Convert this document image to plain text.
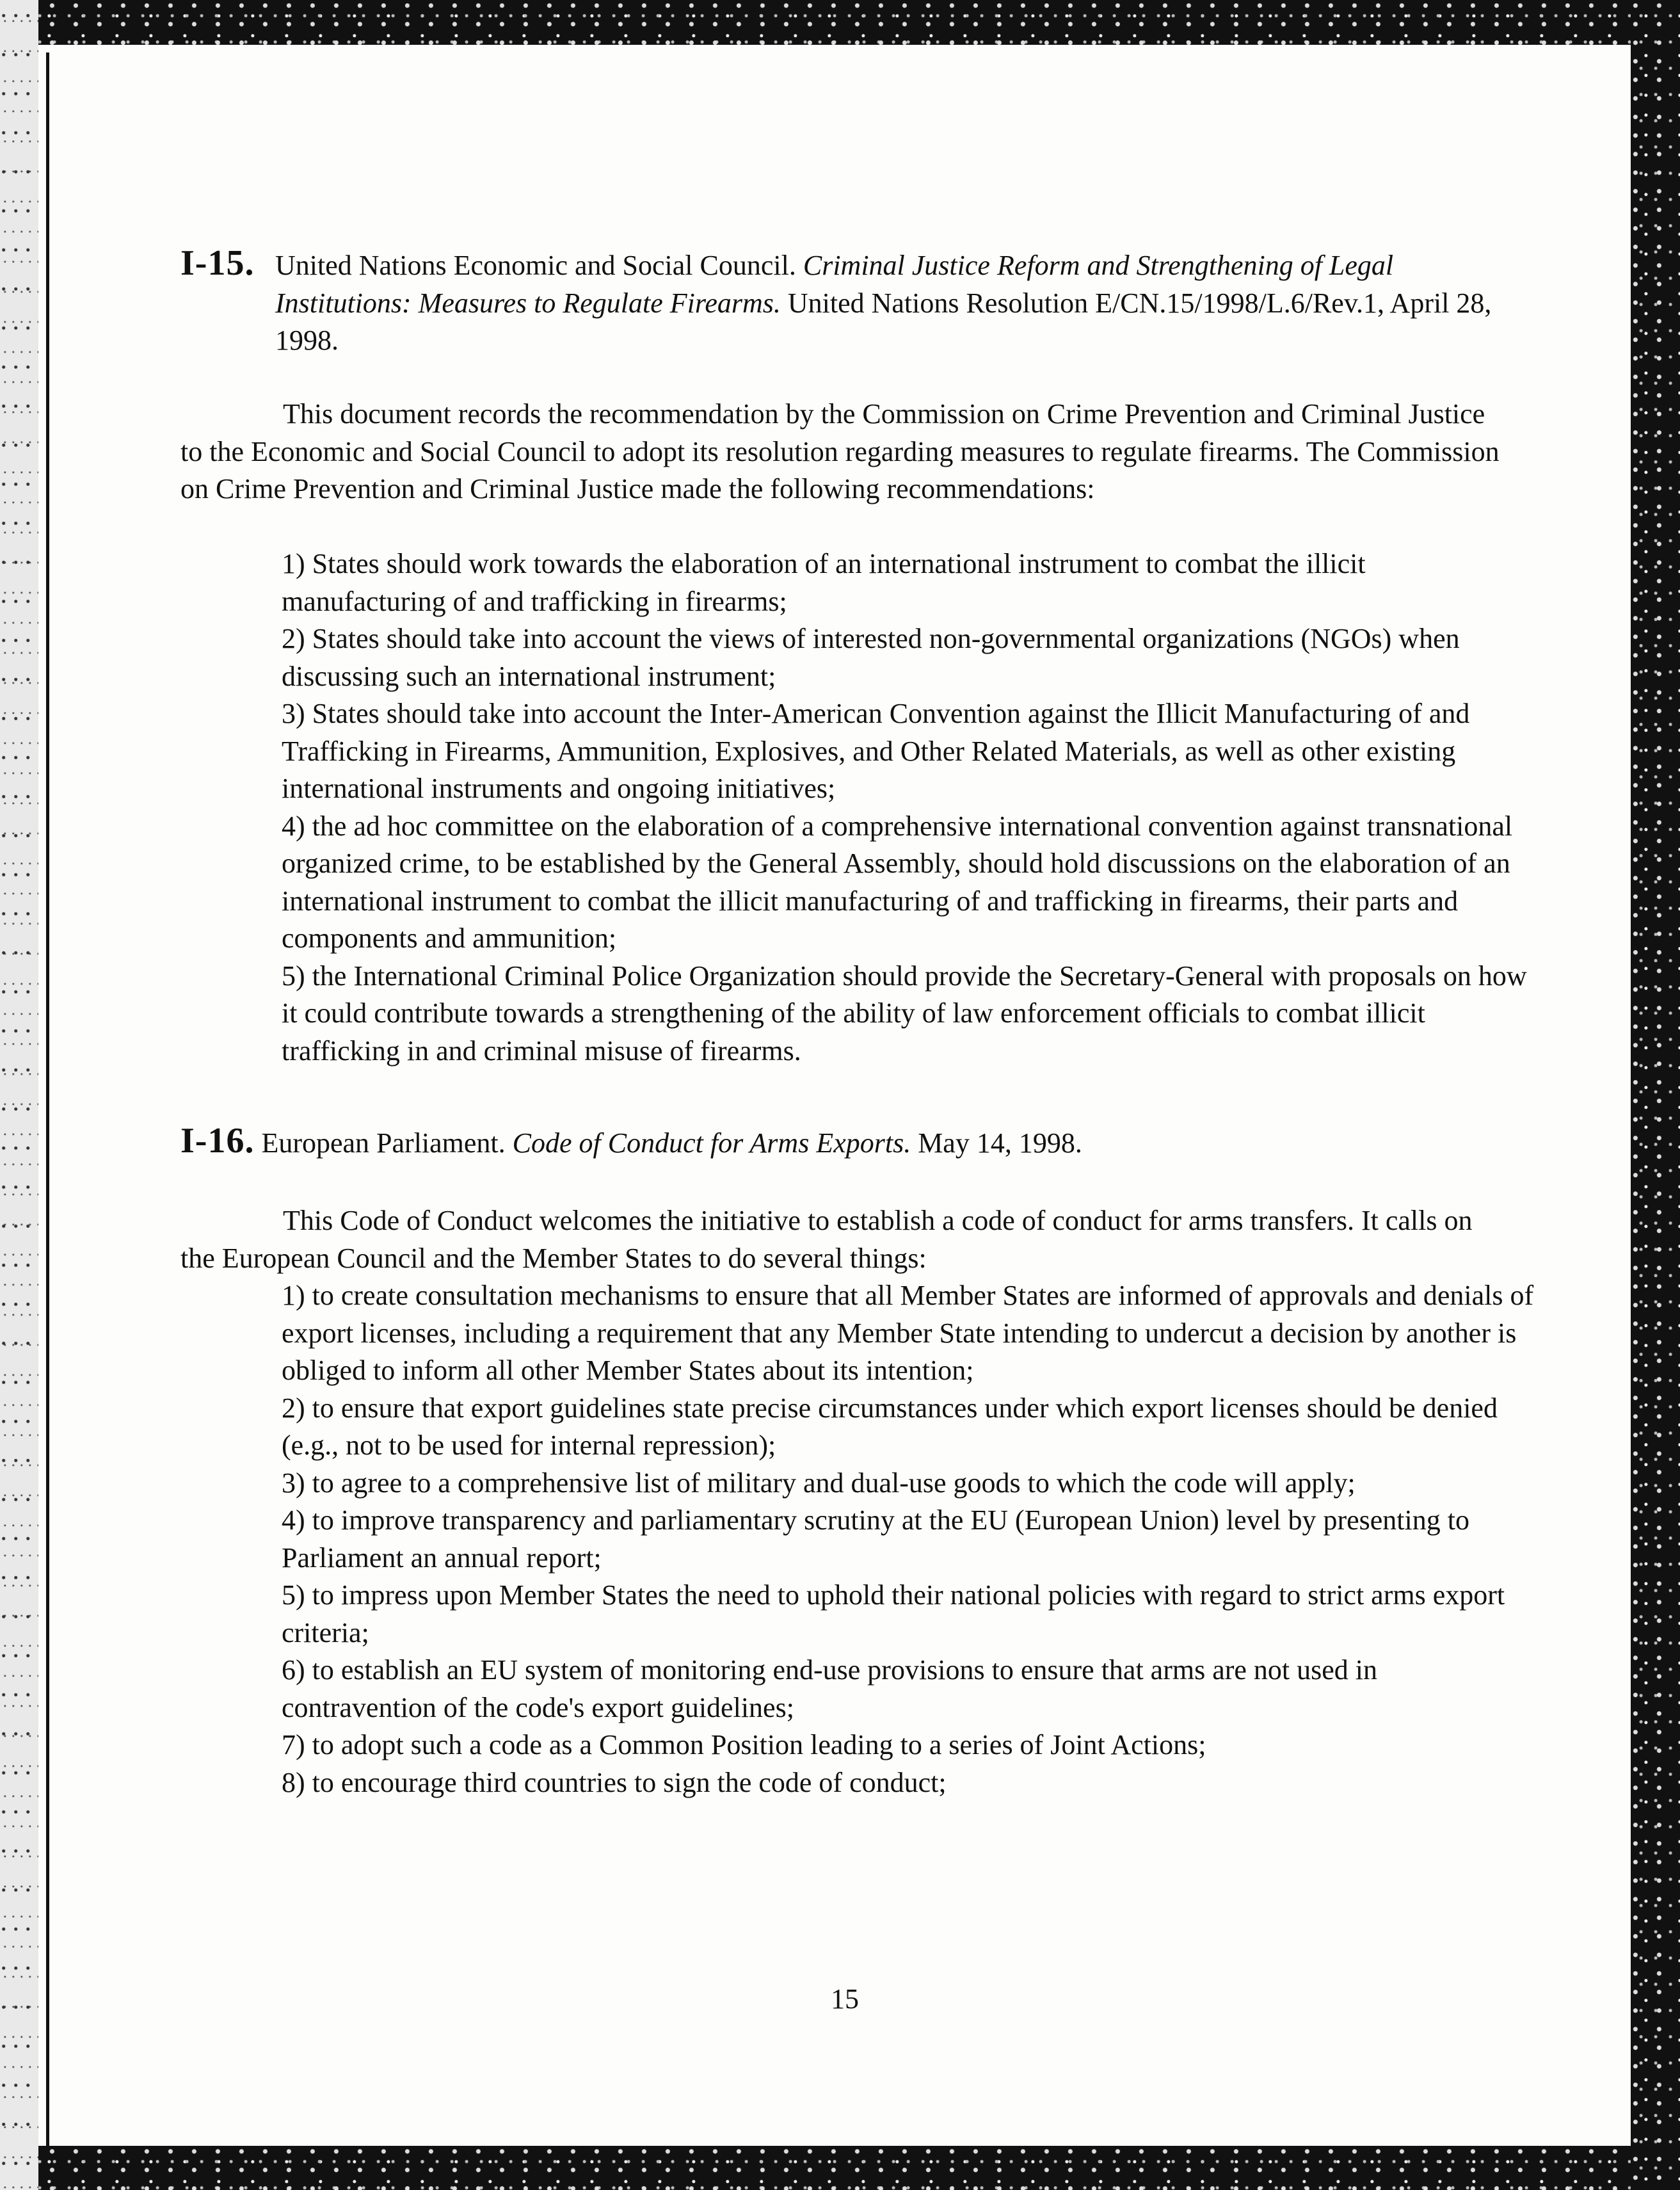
I-15. United Nations Economic and Social Council. Criminal Justice Reform and Strengthening of Legal Institutions: Measures to Regulate Firearms. United Nations Resolution E/CN.15/1998/L.6/Rev.1, April 28, 1998.

This document records the recommendation by the Commission on Crime Prevention and Criminal Justice to the Economic and Social Council to adopt its resolution regarding measures to regulate firearms. The Commission on Crime Prevention and Criminal Justice made the following recommendations:

1) States should work towards the elaboration of an international instrument to combat the illicit manufacturing of and trafficking in firearms;
2) States should take into account the views of interested non-governmental organizations (NGOs) when discussing such an international instrument;
3) States should take into account the Inter-American Convention against the Illicit Manufacturing of and Trafficking in Firearms, Ammunition, Explosives, and Other Related Materials, as well as other existing international instruments and ongoing initiatives;
4) the ad hoc committee on the elaboration of a comprehensive international convention against transnational organized crime, to be established by the General Assembly, should hold discussions on the elaboration of an international instrument to combat the illicit manufacturing of and trafficking in firearms, their parts and components and ammunition;
5) the International Criminal Police Organization should provide the Secretary-General with proposals on how it could contribute towards a strengthening of the ability of law enforcement officials to combat illicit trafficking in and criminal misuse of firearms.
I-16. European Parliament. Code of Conduct for Arms Exports. May 14, 1998.

This Code of Conduct welcomes the initiative to establish a code of conduct for arms transfers. It calls on the European Council and the Member States to do several things:

1) to create consultation mechanisms to ensure that all Member States are informed of approvals and denials of export licenses, including a requirement that any Member State intending to undercut a decision by another is obliged to inform all other Member States about its intention;
2) to ensure that export guidelines state precise circumstances under which export licenses should be denied (e.g., not to be used for internal repression);
3) to agree to a comprehensive list of military and dual-use goods to which the code will apply;
4) to improve transparency and parliamentary scrutiny at the EU (European Union) level by presenting to Parliament an annual report;
5) to impress upon Member States the need to uphold their national policies with regard to strict arms export criteria;
6) to establish an EU system of monitoring end-use provisions to ensure that arms are not used in contravention of the code's export guidelines;
7) to adopt such a code as a Common Position leading to a series of Joint Actions;
8) to encourage third countries to sign the code of conduct;
15
